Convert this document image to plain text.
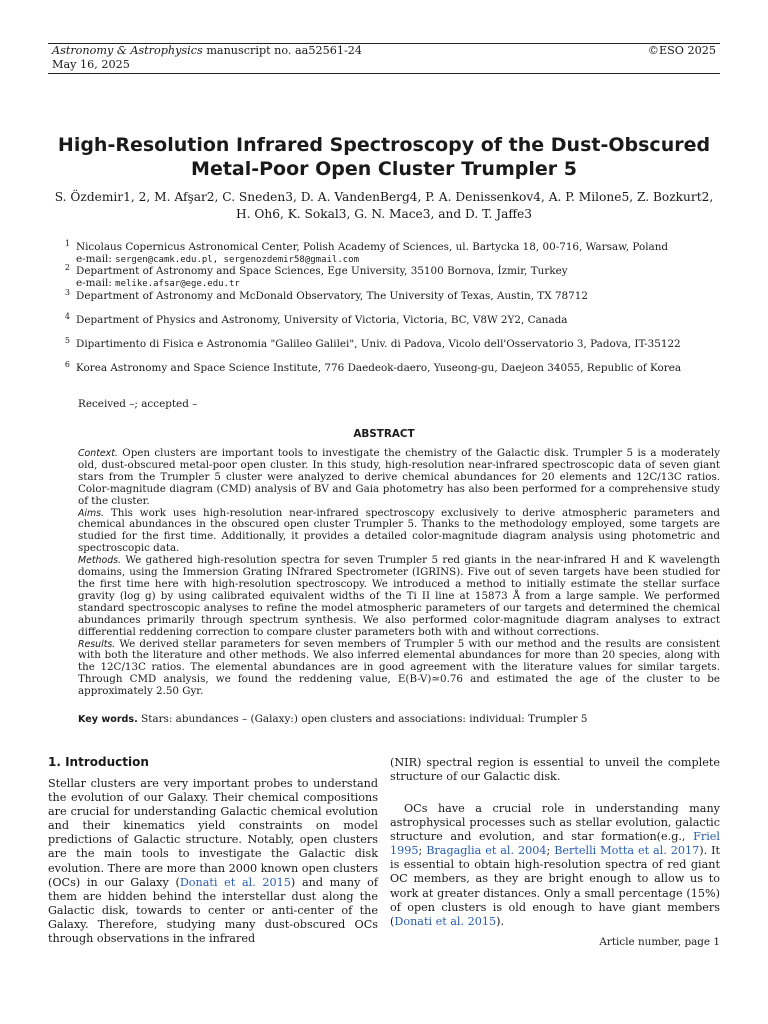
Astronomy & Astrophysics manuscript no. aa52561-24
May 16, 2025
©ESO 2025
High-Resolution Infrared Spectroscopy of the Dust-Obscured
Metal-Poor Open Cluster Trumpler 5
S. Özdemir1, 2, M. Afşar2, C. Sneden3, D. A. VandenBerg4, P. A. Denissenkov4, A. P. Milone5, Z. Bozkurt2,
H. Oh6, K. Sokal3, G. N. Mace3, and D. T. Jaffe3
1 Nicolaus Copernicus Astronomical Center, Polish Academy of Sciences, ul. Bartycka 18, 00-716, Warsaw, Poland
e-mail: sergen@camk.edu.pl, sergenozdemir58@gmail.com
2 Department of Astronomy and Space Sciences, Ege University, 35100 Bornova, İzmir, Turkey
e-mail: melike.afsar@ege.edu.tr
3 Department of Astronomy and McDonald Observatory, The University of Texas, Austin, TX 78712
4 Department of Physics and Astronomy, University of Victoria, Victoria, BC, V8W 2Y2, Canada
5 Dipartimento di Fisica e Astronomia "Galileo Galilei", Univ. di Padova, Vicolo dell'Osservatorio 3, Padova, IT-35122
6 Korea Astronomy and Space Science Institute, 776 Daedeok-daero, Yuseong-gu, Daejeon 34055, Republic of Korea
Received –; accepted –
ABSTRACT
Context. Open clusters are important tools to investigate the chemistry of the Galactic disk. Trumpler 5 is a moderately old, dust-obscured metal-poor open cluster. In this study, high-resolution near-infrared spectroscopic data of seven giant stars from the Trumpler 5 cluster were analyzed to derive chemical abundances for 20 elements and 12C/13C ratios. Color-magnitude diagram (CMD) analysis of BV and Gaia photometry has also been performed for a comprehensive study of the cluster.
Aims. This work uses high-resolution near-infrared spectroscopy exclusively to derive atmospheric parameters and chemical abundances in the obscured open cluster Trumpler 5. Thanks to the methodology employed, some targets are studied for the first time. Additionally, it provides a detailed color-magnitude diagram analysis using photometric and spectroscopic data.
Methods. We gathered high-resolution spectra for seven Trumpler 5 red giants in the near-infrared H and K wavelength domains, using the Immersion Grating INfrared Spectrometer (IGRINS). Five out of seven targets have been studied for the first time here with high-resolution spectroscopy. We introduced a method to initially estimate the stellar surface gravity (log g) by using calibrated equivalent widths of the Ti II line at 15873 Å from a large sample. We performed standard spectroscopic analyses to refine the model atmospheric parameters of our targets and determined the chemical abundances primarily through spectrum synthesis. We also performed color-magnitude diagram analyses to extract differential reddening correction to compare cluster parameters both with and without corrections.
Results. We derived stellar parameters for seven members of Trumpler 5 with our method and the results are consistent with both the literature and other methods. We also inferred elemental abundances for more than 20 species, along with the 12C/13C ratios. The elemental abundances are in good agreement with the literature values for similar targets. Through CMD analysis, we found the reddening value, E(B-V)≃0.76 and estimated the age of the cluster to be approximately 2.50 Gyr.
Key words. Stars: abundances – (Galaxy:) open clusters and associations: individual: Trumpler 5
1. Introduction
Stellar clusters are very important probes to understand the evolution of our Galaxy. Their chemical compositions are crucial for understanding Galactic chemical evolution and their kinematics yield constraints on model predictions of Galactic structure. Notably, open clusters are the main tools to investigate the Galactic disk evolution. There are more than 2000 known open clusters (OCs) in our Galaxy (Donati et al. 2015) and many of them are hidden behind the interstellar dust along the Galactic disk, towards to center or anti-center of the Galaxy. Therefore, studying many dust-obscured OCs through observations in the infrared
(NIR) spectral region is essential to unveil the complete structure of our Galactic disk.
OCs have a crucial role in understanding many astrophysical processes such as stellar evolution, galactic structure and evolution, and star formation(e.g., Friel 1995; Bragaglia et al. 2004; Bertelli Motta et al. 2017). It is essential to obtain high-resolution spectra of red giant OC members, as they are bright enough to allow us to work at greater distances. Only a small percentage (15%) of open clusters is old enough to have giant members (Donati et al. 2015).
Article number, page 1
